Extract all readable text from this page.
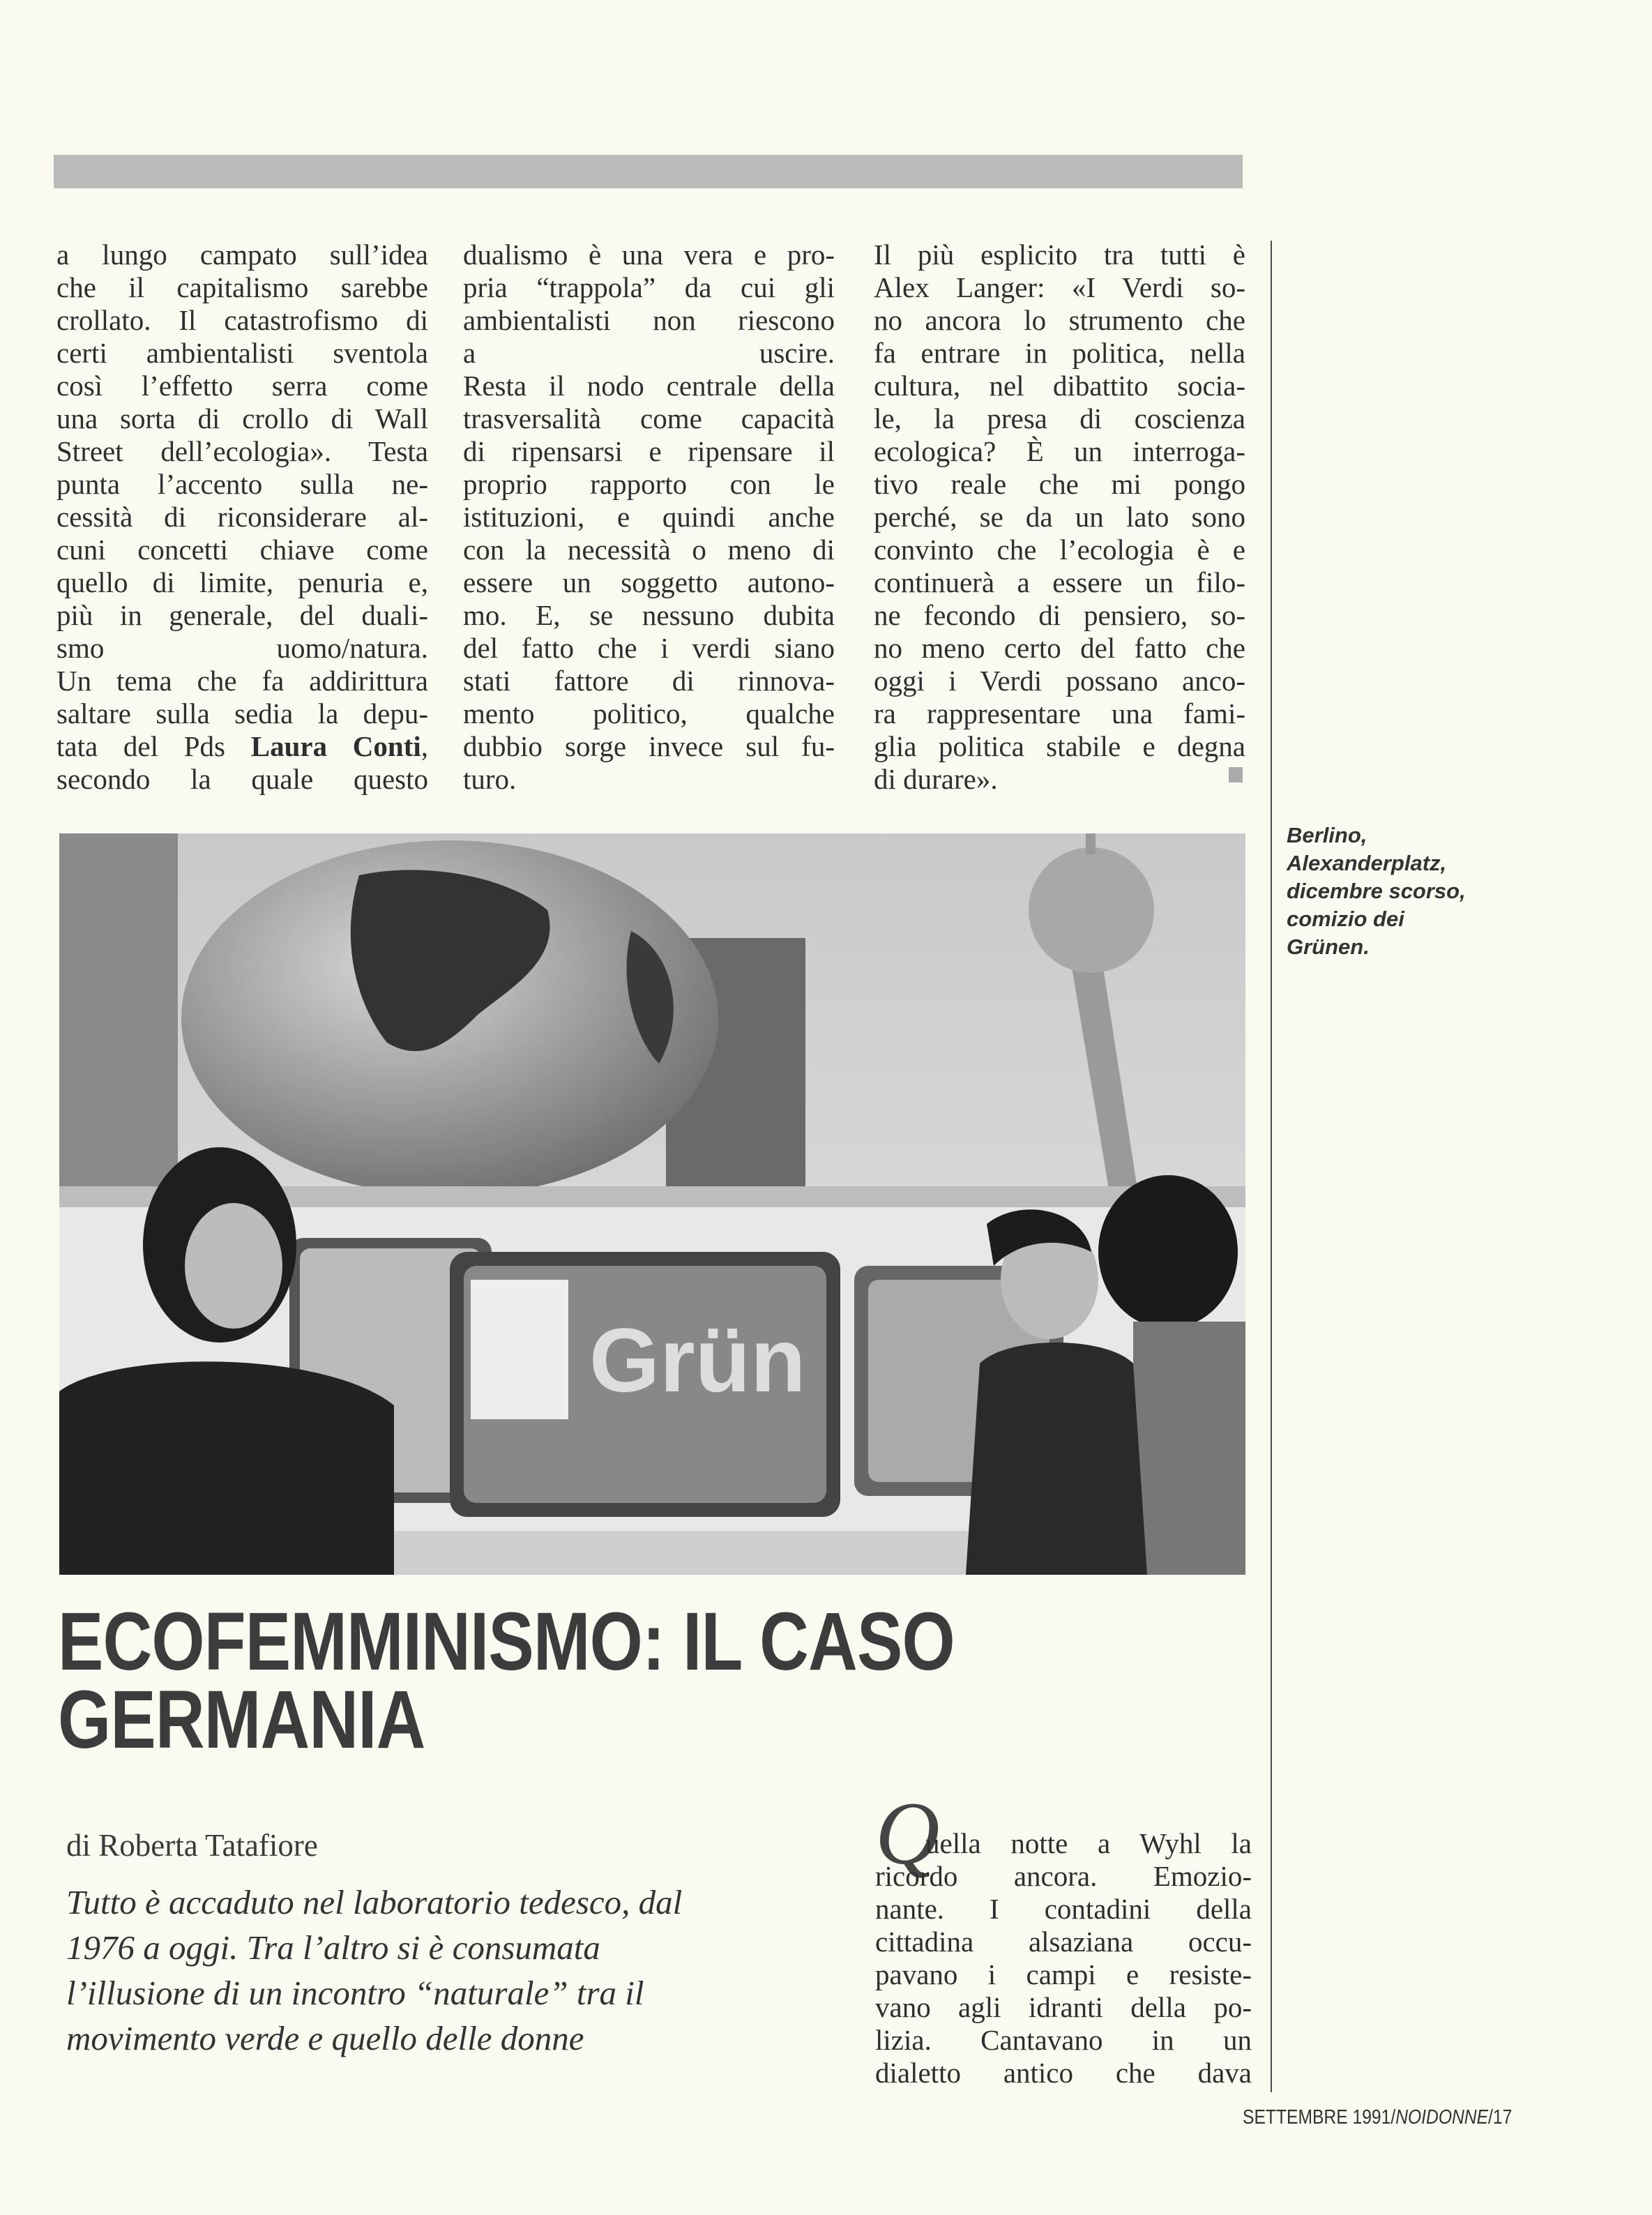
a lungo campato sull’idea
che il capitalismo sarebbe
crollato. Il catastrofismo di
certi ambientalisti sventola
così l’effetto serra come
una sorta di crollo di Wall
Street dell’ecologia». Testa
punta l’accento sulla ne-
cessità di riconsiderare al-
cuni concetti chiave come
quello di limite, penuria e,
più in generale, del duali-
smo uomo/natura.
Un tema che fa addirittura
saltare sulla sedia la depu-
tata del Pds Laura Conti,
secondo la quale questo
dualismo è una vera e pro-
pria “trappola” da cui gli
ambientalisti non riescono
a uscire.
Resta il nodo centrale della
trasversalità come capacità
di ripensarsi e ripensare il
proprio rapporto con le
istituzioni, e quindi anche
con la necessità o meno di
essere un soggetto autono-
mo. E, se nessuno dubita
del fatto che i verdi siano
stati fattore di rinnova-
mento politico, qualche
dubbio sorge invece sul fu-
turo.
Il più esplicito tra tutti è
Alex Langer: «I Verdi so-
no ancora lo strumento che
fa entrare in politica, nella
cultura, nel dibattito socia-
le, la presa di coscienza
ecologica? È un interroga-
tivo reale che mi pongo
perché, se da un lato sono
convinto che l’ecologia è e
continuerà a essere un filo-
ne fecondo di pensiero, so-
no meno certo del fatto che
oggi i Verdi possano anco-
ra rappresentare una fami-
glia politica stabile e degna
di durare».
Berlino,
Alexanderplatz,
dicembre scorso,
comizio dei
Grünen.
Grün
ECOFEMMINISMO: IL CASO
GERMANIA
di Roberta Tatafiore
Tutto è accaduto nel laboratorio tedesco, dal
1976 a oggi. Tra l’altro si è consumata
l’illusione di un incontro “naturale” tra il
movimento verde e quello delle donne
Q
uella notte a Wyhl la
ricordo ancora. Emozio-
nante. I contadini della
cittadina alsaziana occu-
pavano i campi e resiste-
vano agli idranti della po-
lizia. Cantavano in un
dialetto antico che dava
SETTEMBRE 1991/NOIDONNE/17
